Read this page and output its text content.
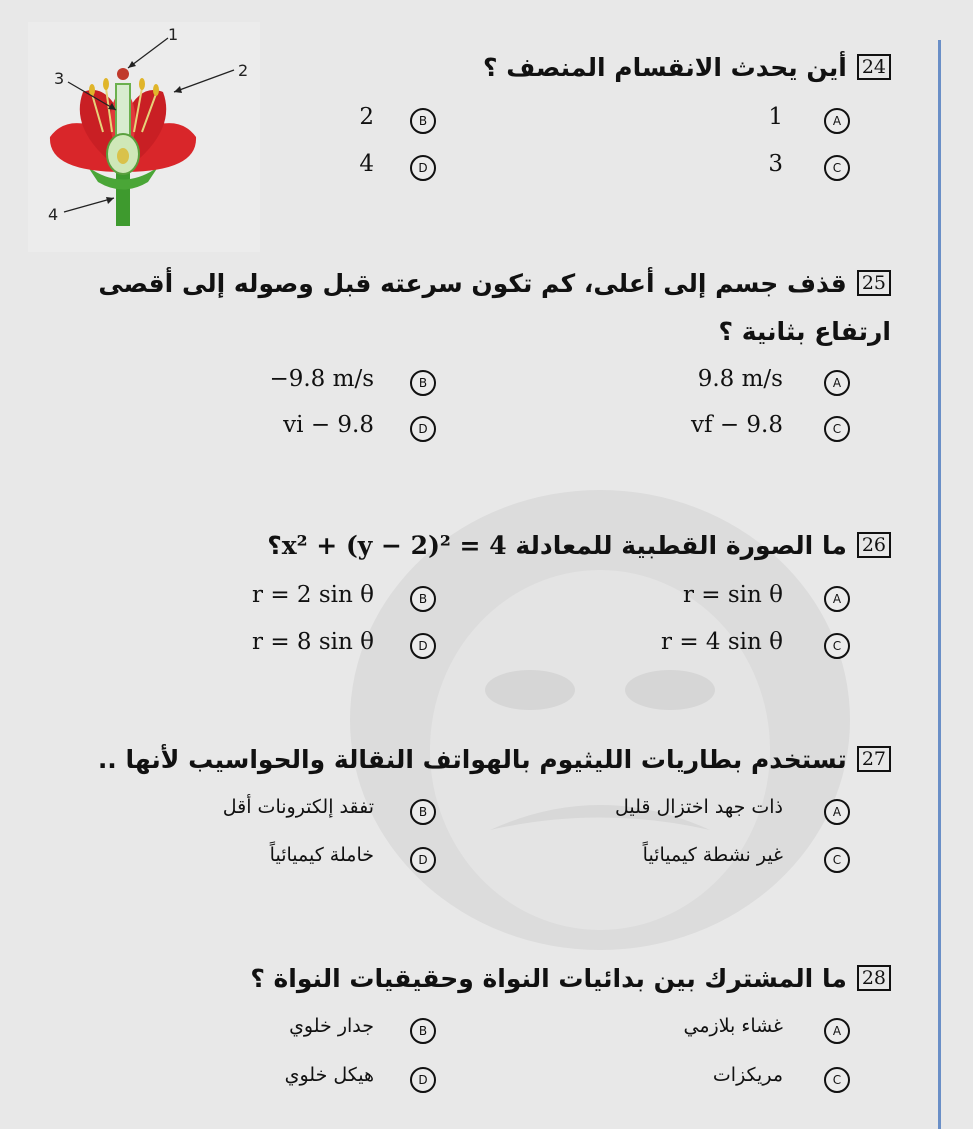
1
2
3
4
24أين يحدث الانقسام المنصف ؟
A
1
B
2
C
3
D
4
25قذف جسم إلى أعلى، كم تكون سرعته قبل وصوله إلى أقصى
ارتفاع بثانية ؟
A
9.8 m/s
B
−9.8 m/s
C
vf − 9.8
D
vi − 9.8
26ما الصورة القطبية للمعادلة x² + (y − 2)² = 4؟
A
r = sin θ
B
r = 2 sin θ
C
r = 4 sin θ
D
r = 8 sin θ
27تستخدم بطاريات الليثيوم بالهواتف النقالة والحواسيب لأنها ..
A
ذات جهد اختزال قليل
B
تفقد إلكترونات أقل
C
غير نشطة كيميائياً
D
خاملة كيميائياً
28ما المشترك بين بدائيات النواة وحقيقيات النواة ؟
A
غشاء بلازمي
B
جدار خلوي
C
مريكزات
D
هيكل خلوي
